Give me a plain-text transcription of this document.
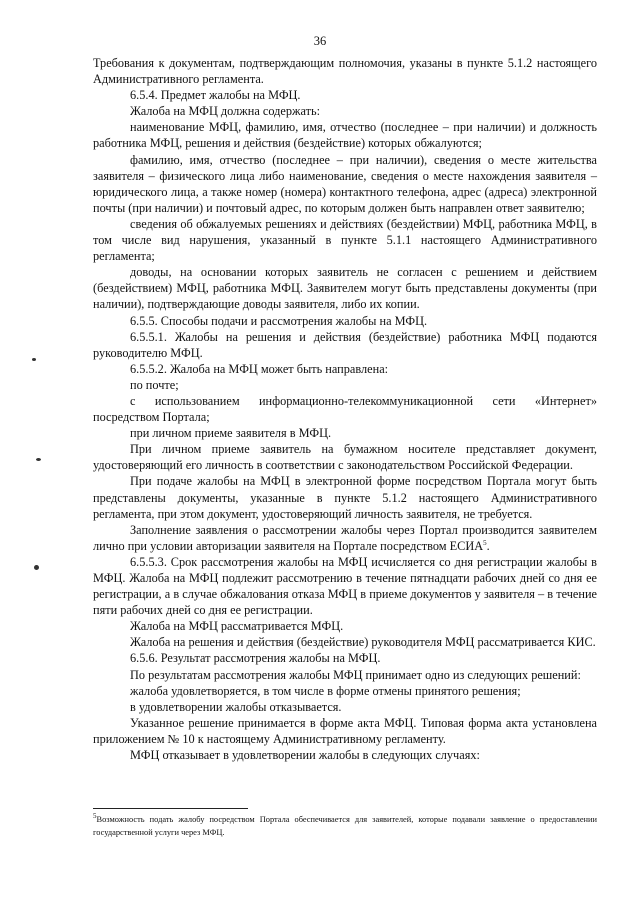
36

Требования к документам, подтверждающим полномочия, указаны в пункте 5.1.2 настоящего Административного регламента.

6.5.4. Предмет жалобы на МФЦ.

Жалоба на МФЦ должна содержать:

наименование МФЦ, фамилию, имя, отчество (последнее – при наличии) и должность работника МФЦ, решения и действия (бездействие) которых обжалуются;

фамилию, имя, отчество (последнее – при наличии), сведения о месте жительства заявителя – физического лица либо наименование, сведения о месте нахождения заявителя – юридического лица, а также номер (номера) контактного телефона, адрес (адреса) электронной почты (при наличии) и почтовый адрес, по которым должен быть направлен ответ заявителю;

сведения об обжалуемых решениях и действиях (бездействии) МФЦ, работника МФЦ, в том числе вид нарушения, указанный в пункте 5.1.1 настоящего Административного регламента;

доводы, на основании которых заявитель не согласен с решением и действием (бездействием) МФЦ, работника МФЦ. Заявителем могут быть представлены документы (при наличии), подтверждающие доводы заявителя, либо их копии.

6.5.5. Способы подачи и рассмотрения жалобы на МФЦ.

6.5.5.1. Жалобы на решения и действия (бездействие) работника МФЦ подаются руководителю МФЦ.

6.5.5.2. Жалоба на МФЦ может быть направлена:

по почте;

с использованием информационно-телекоммуникационной сети «Интернет» посредством Портала;

при личном приеме заявителя в МФЦ.

При личном приеме заявитель на бумажном носителе представляет документ, удостоверяющий его личность в соответствии с законодательством Российской Федерации.

При подаче жалобы на МФЦ в электронной форме посредством Портала могут быть представлены документы, указанные в пункте 5.1.2 настоящего Административного регламента, при этом документ, удостоверяющий личность заявителя, не требуется.

Заполнение заявления о рассмотрении жалобы через Портал производится заявителем лично при условии авторизации заявителя на Портале посредством ЕСИА$^5$.

6.5.5.3. Срок рассмотрения жалобы на МФЦ исчисляется со дня регистрации жалобы в МФЦ. Жалоба на МФЦ подлежит рассмотрению в течение пятнадцати рабочих дней со дня ее регистрации, а в случае обжалования отказа МФЦ в приеме документов у заявителя – в течение пяти рабочих дней со дня ее регистрации.

Жалоба на МФЦ рассматривается МФЦ.

Жалоба на решения и действия (бездействие) руководителя МФЦ рассматривается КИС.

6.5.6. Результат рассмотрения жалобы на МФЦ.

По результатам рассмотрения жалобы МФЦ принимает одно из следующих решений:

жалоба удовлетворяется, в том числе в форме отмены принятого решения;

в удовлетворении жалобы отказывается.

Указанное решение принимается в форме акта МФЦ. Типовая форма акта установлена приложением № 10 к настоящему Административному регламенту.

МФЦ отказывает в удовлетворении жалобы в следующих случаях:

$^5$Возможность подать жалобу посредством Портала обеспечивается для заявителей, которые подавали заявление о предоставлении государственной услуги через МФЦ.
